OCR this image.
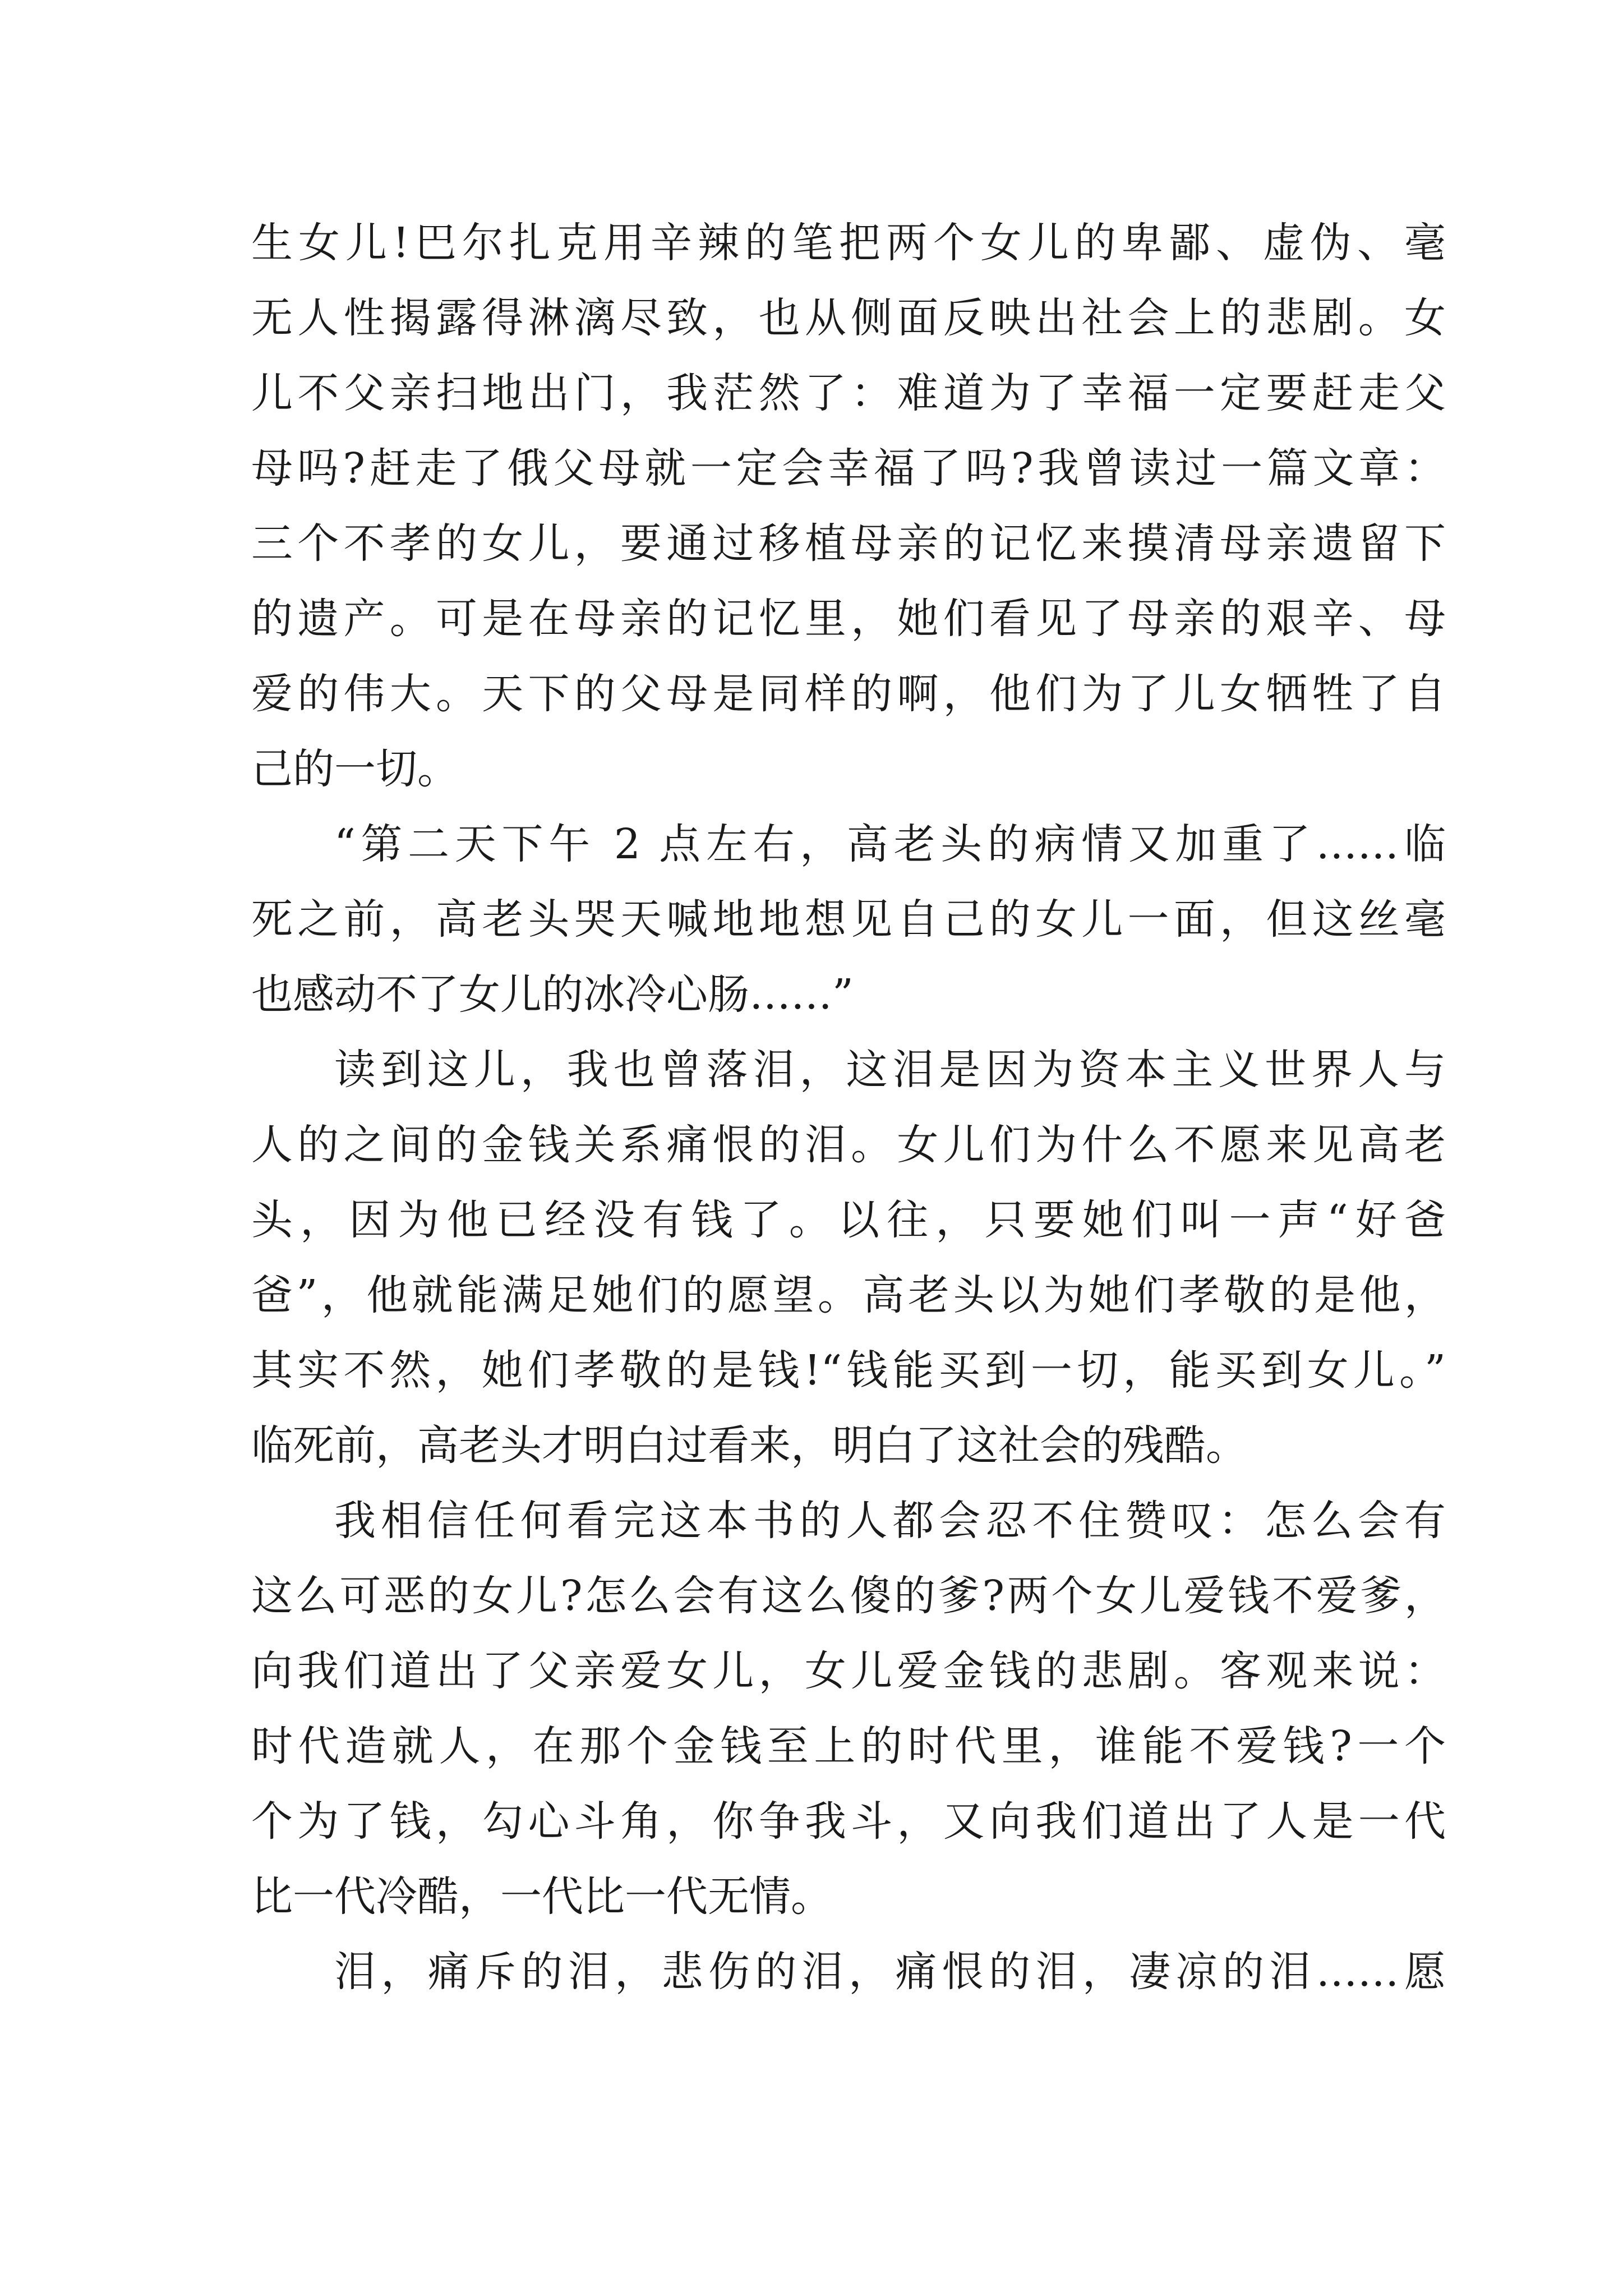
生女儿!巴尔扎克用辛辣的笔把两个女儿的卑鄙、虚伪、毫
无人性揭露得淋漓尽致，也从侧面反映出社会上的悲剧。女
儿不父亲扫地出门，我茫然了：难道为了幸福一定要赶走父
母吗?赶走了俄父母就一定会幸福了吗?我曾读过一篇文章：
三个不孝的女儿，要通过移植母亲的记忆来摸清母亲遗留下
的遗产。可是在母亲的记忆里，她们看见了母亲的艰辛、母
爱的伟大。天下的父母是同样的啊，他们为了儿女牺牲了自
己的一切。
“第二天下午 2 点左右，高老头的病情又加重了……临
死之前，高老头哭天喊地地想见自己的女儿一面，但这丝毫
也感动不了女儿的冰冷心肠……”
读到这儿，我也曾落泪，这泪是因为资本主义世界人与
人的之间的金钱关系痛恨的泪。女儿们为什么不愿来见高老
头，因为他已经没有钱了。以往，只要她们叫一声“好爸
爸”，他就能满足她们的愿望。高老头以为她们孝敬的是他，
其实不然，她们孝敬的是钱!“钱能买到一切，能买到女儿。”
临死前，高老头才明白过看来，明白了这社会的残酷。
我相信任何看完这本书的人都会忍不住赞叹：怎么会有
这么可恶的女儿?怎么会有这么傻的爹?两个女儿爱钱不爱爹，
向我们道出了父亲爱女儿，女儿爱金钱的悲剧。客观来说：
时代造就人，在那个金钱至上的时代里，谁能不爱钱?一个
个为了钱，勾心斗角，你争我斗，又向我们道出了人是一代
比一代冷酷，一代比一代无情。
泪，痛斥的泪，悲伤的泪，痛恨的泪，凄凉的泪……愿
